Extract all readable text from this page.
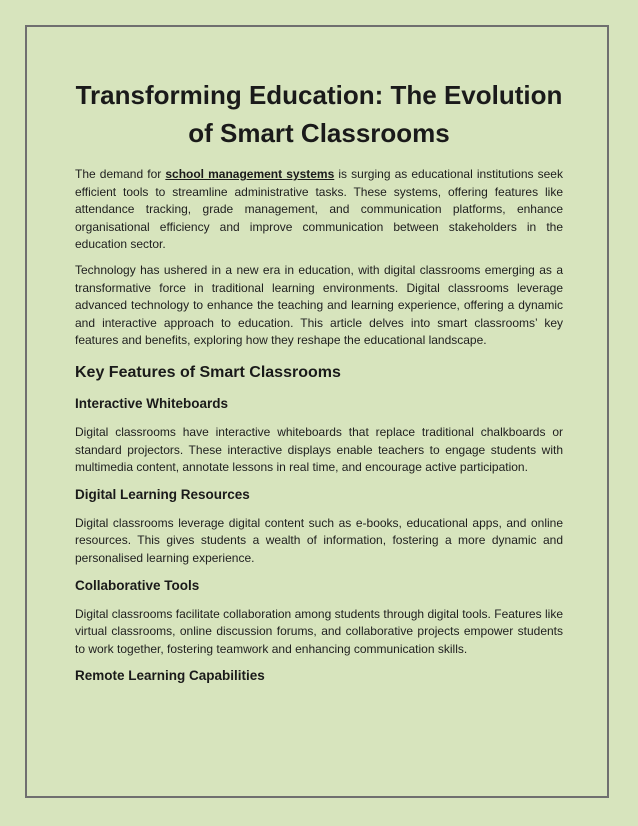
Transforming Education: The Evolution of Smart Classrooms

The demand for school management systems is surging as educational institutions seek efficient tools to streamline administrative tasks. These systems, offering features like attendance tracking, grade management, and communication platforms, enhance organisational efficiency and improve communication between stakeholders in the education sector.

Technology has ushered in a new era in education, with digital classrooms emerging as a transformative force in traditional learning environments. Digital classrooms leverage advanced technology to enhance the teaching and learning experience, offering a dynamic and interactive approach to education. This article delves into smart classrooms’ key features and benefits, exploring how they reshape the educational landscape.

Key Features of Smart Classrooms
Interactive Whiteboards

Digital classrooms have interactive whiteboards that replace traditional chalkboards or standard projectors. These interactive displays enable teachers to engage students with multimedia content, annotate lessons in real time, and encourage active participation.

Digital Learning Resources

Digital classrooms leverage digital content such as e-books, educational apps, and online resources. This gives students a wealth of information, fostering a more dynamic and personalised learning experience.

Collaborative Tools

Digital classrooms facilitate collaboration among students through digital tools. Features like virtual classrooms, online discussion forums, and collaborative projects empower students to work together, fostering teamwork and enhancing communication skills.

Remote Learning Capabilities
